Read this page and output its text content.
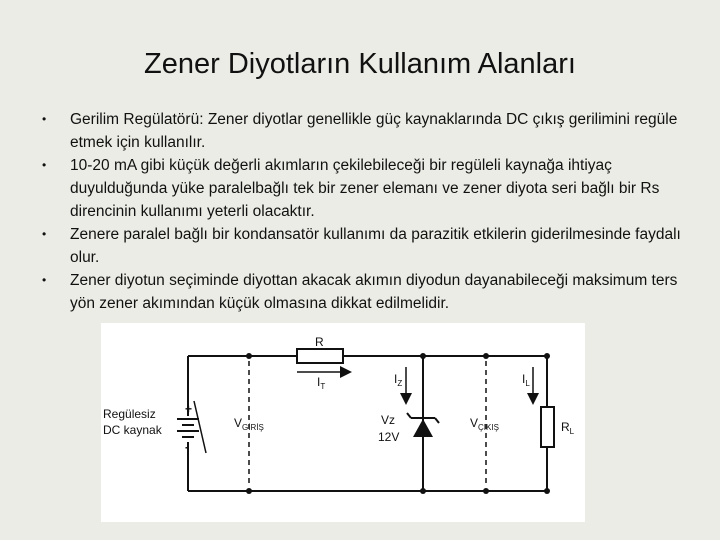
Zener Diyotların Kullanım Alanları
• Gerilim Regülatörü: Zener diyotlar genellikle güç kaynaklarında DC çıkış gerilimini regüle etmek için kullanılır.
• 10-20 mA gibi küçük değerli akımların çekilebileceği bir regüleli kaynağa ihtiyaç duyulduğunda yüke paralelbağlı tek bir zener elemanı ve zener diyota seri bağlı bir Rs direncinin kullanımı yeterli olacaktır.
• Zenere paralel bağlı bir kondansatör kullanımı da parazitik etkilerin giderilmesinde faydalı olur.
• Zener diyotun seçiminde diyottan akacak akımın diyodun dayanabileceği maksimum ters yön zener akımından küçük olmasına dikkat edilmelidir.
Regülesiz
DC kaynak
+
-
R
$I_T$
$I_Z$	$I_L$
$V_{GİRİŞ}$
Vz
12V
$V_{ÇIKIŞ}$	$R_L$
